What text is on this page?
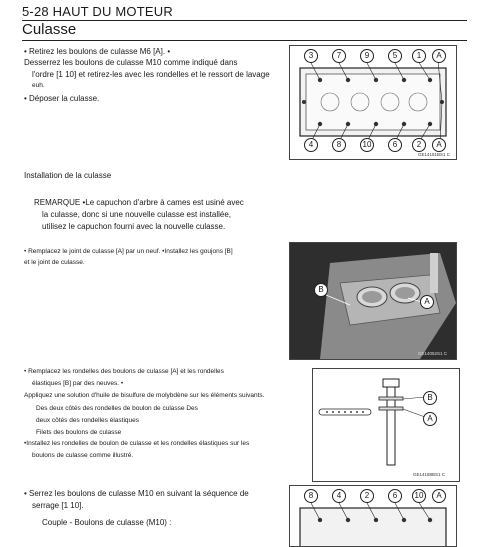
5-28 HAUT DU MOTEUR
Culasse
• Retirez les boulons de culasse M6 [A]. •
Desserrez les boulons de culasse M10 comme indiqué dans
l'ordre [1 10] et retirez-les avec les rondelles et le ressort de lavage
euh.
• Déposer la culasse.
3	7	9	5	1	A
4	8	10	6	2	A
GE14151BS1 C
Installation de la culasse
REMARQUE •Le capuchon d'arbre à cames est usiné avec
la culasse, donc si une nouvelle culasse est installée,
utilisez le capuchon fourni avec la nouvelle culasse.
• Remplacez le joint de culasse [A] par un neuf. •Installez les goujons [B]
et le joint de culasse.
B
A
GE14052S1 C
• Remplacez les rondelles des boulons de culasse [A] et les rondelles
élastiques [B] par des neuves. •
Appliquez une solution d'huile de bisulfure de molybdène sur les éléments suivants.
Des deux côtés des rondelles de boulon de culasse Des
deux côtés des rondelles élastiques
Filets des boulons de culasse
•Installez les rondelles de boulon de culasse et les rondelles élastiques sur les
boulons de culasse comme illustré.
B
A
GE14188BS1 C
• Serrez les boulons de culasse M10 en suivant la séquence de
serrage [1 10].
Couple - Boulons de culasse (M10) :
8	4	2	6	10	A
